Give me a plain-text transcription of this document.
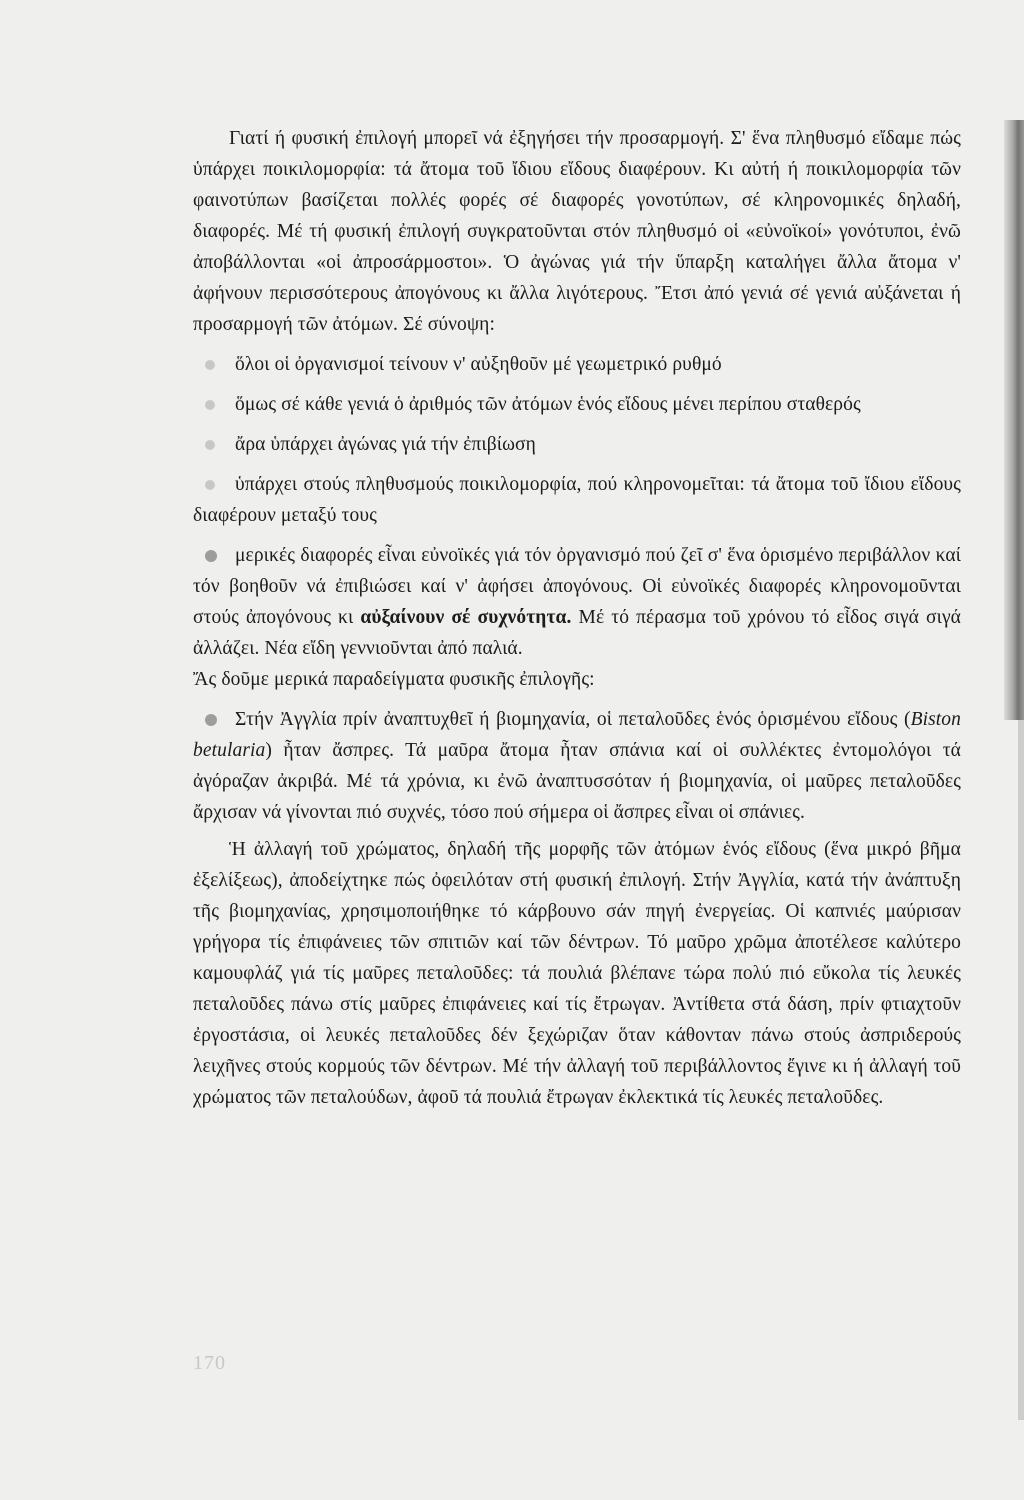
Γιατί ή φυσική ἐπιλογή μπορεῖ νά ἐξηγήσει τήν προσαρμογή. Σ' ἕνα πληθυσμό εἴδαμε πώς ὑπάρχει ποικιλομορφία: τά ἄτομα τοῦ ἴδιου εἴδους διαφέρουν. Κι αὐτή ή ποικιλομορφία τῶν φαινοτύπων βασίζεται πολλές φορές σέ διαφορές γονοτύπων, σέ κληρονομικές δηλαδή, διαφορές. Μέ τή φυσική ἐπιλογή συγκρατοῦνται στόν πληθυσμό οἱ «εὐνοϊκοί» γονότυποι, ἐνῶ ἀποβάλλονται «οἱ ἀπροσάρμοστοι». Ὁ ἀγώνας γιά τήν ὕπαρξη καταλήγει ἄλλα ἄτομα ν' ἀφήνουν περισσότερους ἀπογόνους κι ἄλλα λιγότερους. Ἔτσι ἀπό γενιά σέ γενιά αὐξάνεται ή προσαρμογή τῶν ἀτόμων. Σέ σύνοψη:

ὅλοι οἱ ὀργανισμοί τείνουν ν' αὐξηθοῦν μέ γεωμετρικό ρυθμό

ὅμως σέ κάθε γενιά ὁ ἀριθμός τῶν ἀτόμων ἑνός εἴδους μένει περίπου σταθερός

ἄρα ὑπάρχει ἀγώνας γιά τήν ἐπιβίωση

ὑπάρχει στούς πληθυσμούς ποικιλομορφία, πού κληρονομεῖται: τά ἄτομα τοῦ ἴδιου εἴδους διαφέρουν μεταξύ τους

μερικές διαφορές εἶναι εὐνοϊκές γιά τόν ὀργανισμό πού ζεῖ σ' ἕνα ὁρισμένο περιβάλλον καί τόν βοηθοῦν νά ἐπιβιώσει καί ν' ἀφήσει ἀπογόνους. Οἱ εὐνοϊκές διαφορές κληρονομοῦνται στούς ἀπογόνους κι αὐξαίνουν σέ συχνότητα. Μέ τό πέρασμα τοῦ χρόνου τό εἶδος σιγά σιγά ἀλλάζει. Νέα εἴδη γεννιοῦνται ἀπό παλιά.

Ἄς δοῦμε μερικά παραδείγματα φυσικῆς ἐπιλογῆς:

Στήν Ἀγγλία πρίν ἀναπτυχθεῖ ή βιομηχανία, οἱ πεταλοῦδες ἑνός ὁρισμένου εἴδους (Biston betularia) ἦταν ἄσπρες. Τά μαῦρα ἄτομα ἦταν σπάνια καί οἱ συλλέκτες ἐντομολόγοι τά ἀγόραζαν ἀκριβά. Μέ τά χρόνια, κι ἐνῶ ἀναπτυσσόταν ή βιομηχανία, οἱ μαῦρες πεταλοῦδες ἄρχισαν νά γίνονται πιό συχνές, τόσο πού σήμερα οἱ ἄσπρες εἶναι οἱ σπάνιες.

Ἡ ἀλλαγή τοῦ χρώματος, δηλαδή τῆς μορφῆς τῶν ἀτόμων ἑνός εἴδους (ἕνα μικρό βῆμα ἐξελίξεως), ἀποδείχτηκε πώς ὀφειλόταν στή φυσική ἐπιλογή. Στήν Ἀγγλία, κατά τήν ἀνάπτυξη τῆς βιομηχανίας, χρησιμοποιήθηκε τό κάρβουνο σάν πηγή ἐνεργείας. Οἱ καπνιές μαύρισαν γρήγορα τίς ἐπιφάνειες τῶν σπιτιῶν καί τῶν δέντρων. Τό μαῦρο χρῶμα ἀποτέλεσε καλύτερο καμουφλάζ γιά τίς μαῦρες πεταλοῦδες: τά πουλιά βλέπανε τώρα πολύ πιό εὔκολα τίς λευκές πεταλοῦδες πάνω στίς μαῦρες ἐπιφάνειες καί τίς ἔτρωγαν. Ἀντίθετα στά δάση, πρίν φτιαχτοῦν ἐργοστάσια, οἱ λευκές πεταλοῦδες δέν ξεχώριζαν ὅταν κάθονταν πάνω στούς ἀσπριδερούς λειχῆνες στούς κορμούς τῶν δέντρων. Μέ τήν ἀλλαγή τοῦ περιβάλλοντος ἔγινε κι ή ἀλλαγή τοῦ χρώματος τῶν πεταλούδων, ἀφοῦ τά πουλιά ἔτρωγαν ἐκλεκτικά τίς λευκές πεταλοῦδες.

170
